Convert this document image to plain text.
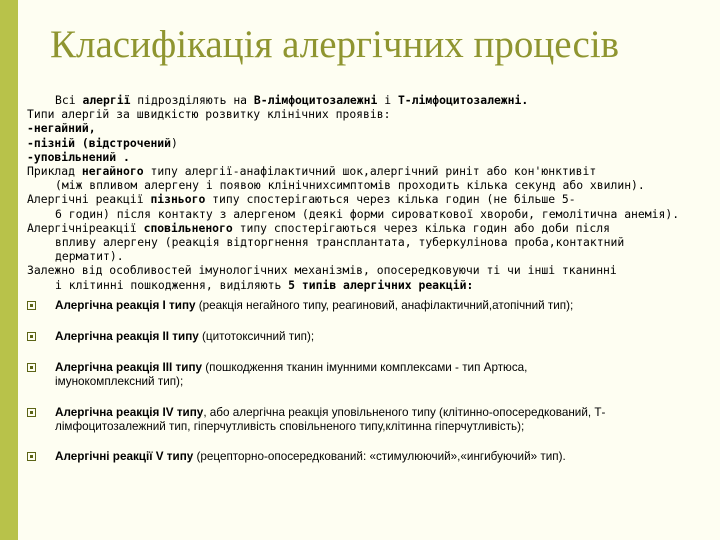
Класифікація алергічних процесів
Всі алергії підрозділяють на В-лімфоцитозалежні і Т-лімфоцитозалежні.
Типи алергій за швидкістю розвитку клінічних проявів:
-негайний,
-пізній (відстрочений)
-уповільнений .
Приклад негайного типу алергії-анафілактичний шок,алергічний риніт або кон'юнктивіт
(між впливом алергену і появою клінічнихсимптомів проходить кілька секунд або хвилин).
Алергічні реакції пізнього типу спостерігаються через кілька годин (не більше 5-
6 годин) після контакту з алергеном (деякі форми сироваткової хвороби, гемолітична анемія).
Алергічніреакції сповільненого типу спостерігаються через кілька годин або доби після
впливу алергену (реакція відторгнення трансплантата, туберкулінова проба,контактний
дерматит).
Залежно від особливостей імунологічних механізмів, опосередковуючи ті чи інші тканинні
і клітинні пошкодження, виділяють 5 типів алергічних реакцій:
Алергічна реакція I типу (реакція негайного типу, реагиновий, анафілактичний,атопічний тип);
Алергічна реакція II типу (цитотоксичний тип);
Алергічна реакція III типу (пошкодження тканин імунними комплексами - тип Артюса, імунокомплексний тип);
Алергічна реакція IV типу, або алергічна реакція уповільненого типу (клітинно-опосередкований, Т-лімфоцитозалежний тип, гіперчутливість сповільненого типу,клітинна гіперчутливість);
Алергічні реакції V типу (рецепторно-опосередкований: «стимулюючий»,«ингибуючий» тип).
